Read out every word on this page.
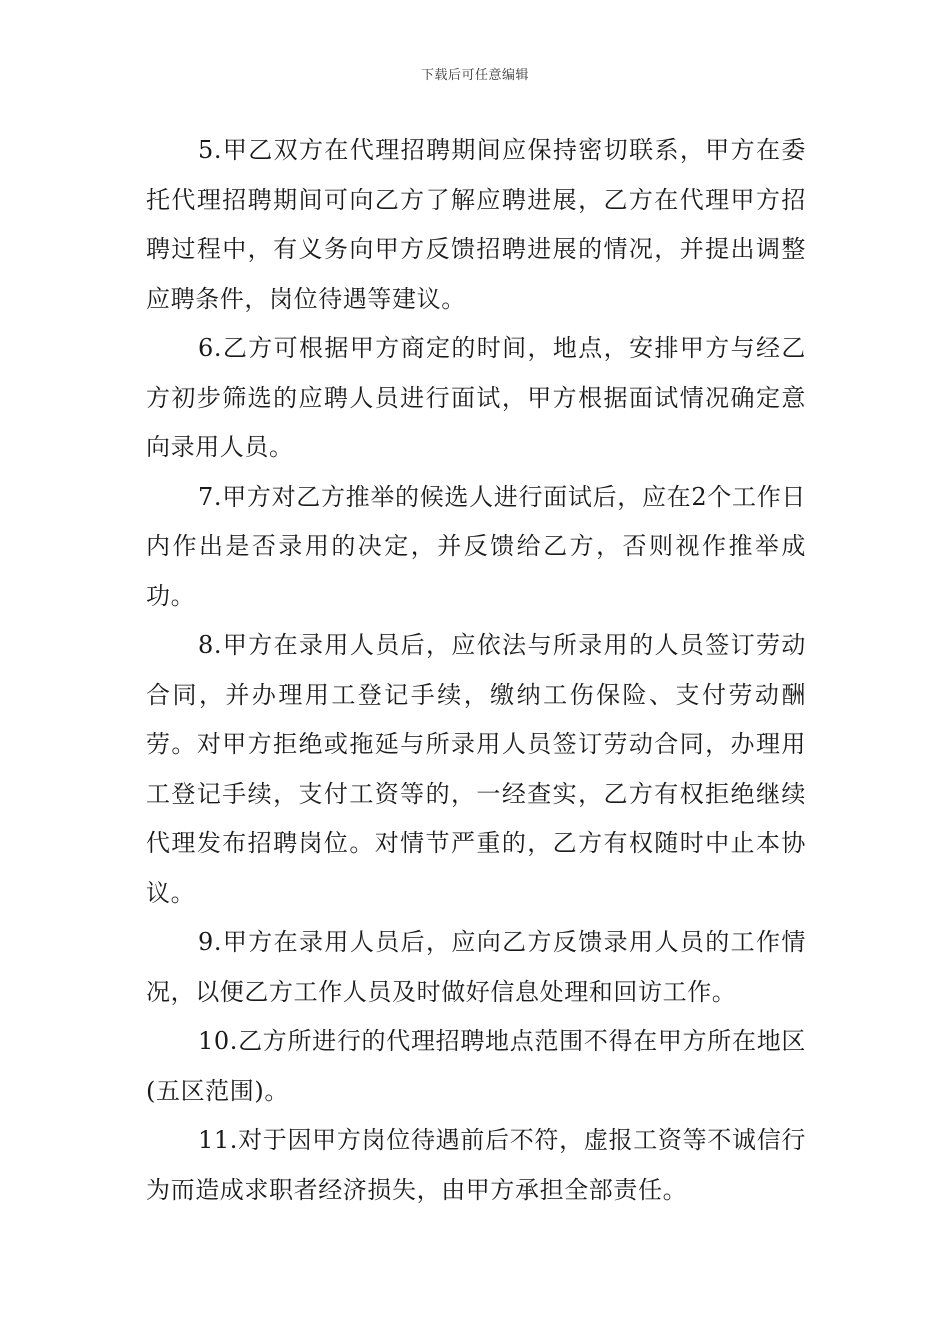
下载后可任意编辑

5.甲乙双方在代理招聘期间应保持密切联系，甲方在委托代理招聘期间可向乙方了解应聘进展，乙方在代理甲方招聘过程中，有义务向甲方反馈招聘进展的情况，并提出调整应聘条件，岗位待遇等建议。

6.乙方可根据甲方商定的时间，地点，安排甲方与经乙方初步筛选的应聘人员进行面试，甲方根据面试情况确定意向录用人员。

7.甲方对乙方推举的候选人进行面试后，应在2个工作日内作出是否录用的决定，并反馈给乙方，否则视作推举成功。

8.甲方在录用人员后，应依法与所录用的人员签订劳动合同，并办理用工登记手续，缴纳工伤保险、支付劳动酬劳。对甲方拒绝或拖延与所录用人员签订劳动合同，办理用工登记手续，支付工资等的，一经查实，乙方有权拒绝继续代理发布招聘岗位。对情节严重的，乙方有权随时中止本协议。

9.甲方在录用人员后，应向乙方反馈录用人员的工作情况，以便乙方工作人员及时做好信息处理和回访工作。

10.乙方所进行的代理招聘地点范围不得在甲方所在地区(五区范围)。

11.对于因甲方岗位待遇前后不符，虚报工资等不诚信行为而造成求职者经济损失，由甲方承担全部责任。
